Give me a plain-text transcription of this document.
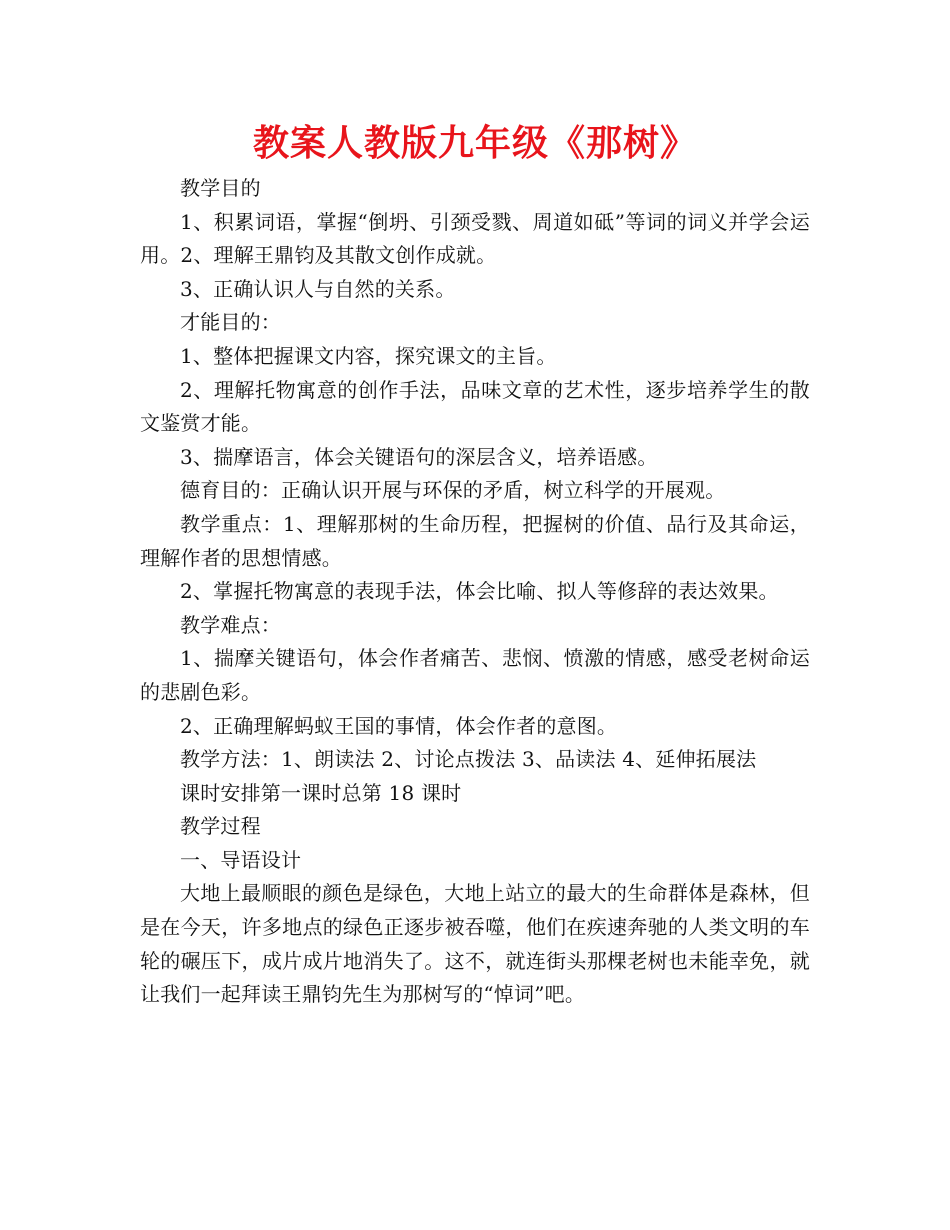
教案人教版九年级《那树》

教学目的

1、积累词语，掌握“倒坍、引颈受戮、周道如砥”等词的词义并学会运用。2、理解王鼎钧及其散文创作成就。

3、正确认识人与自然的关系。

才能目的：

1、整体把握课文内容，探究课文的主旨。

2、理解托物寓意的创作手法，品味文章的艺术性，逐步培养学生的散文鉴赏才能。

3、揣摩语言，体会关键语句的深层含义，培养语感。

德育目的：正确认识开展与环保的矛盾，树立科学的开展观。

教学重点：1、理解那树的生命历程，把握树的价值、品行及其命运，理解作者的思想情感。

2、掌握托物寓意的表现手法，体会比喻、拟人等修辞的表达效果。

教学难点：

1、揣摩关键语句，体会作者痛苦、悲悯、愤激的情感，感受老树命运的悲剧色彩。

2、正确理解蚂蚁王国的事情，体会作者的意图。

教学方法：1、朗读法 2、讨论点拨法 3、品读法 4、延伸拓展法

课时安排第一课时总第 18 课时

教学过程

一、导语设计

大地上最顺眼的颜色是绿色，大地上站立的最大的生命群体是森林，但是在今天，许多地点的绿色正逐步被吞噬，他们在疾速奔驰的人类文明的车轮的碾压下，成片成片地消失了。这不，就连街头那棵老树也未能幸免，就让我们一起拜读王鼎钧先生为那树写的“悼词”吧。
